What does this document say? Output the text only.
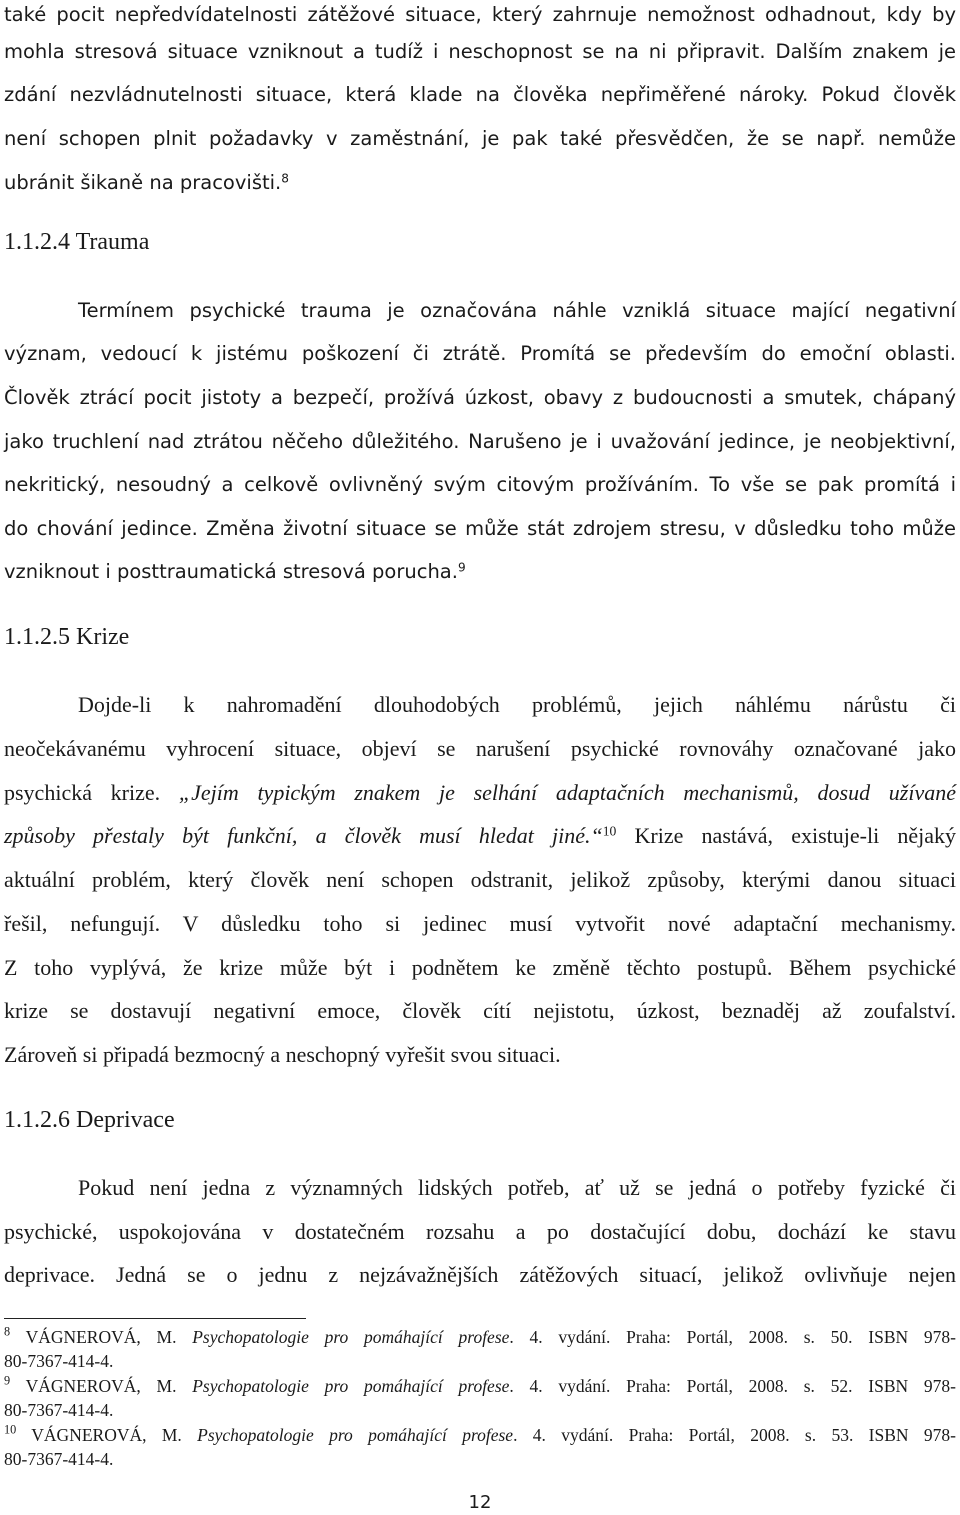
také pocit nepředvídatelnosti zátěžové situace, který zahrnuje nemožnost odhadnout, kdy by
mohla stresová situace vzniknout a tudíž i neschopnost se na ni připravit. Dalším znakem je
zdání nezvládnutelnosti situace, která klade na člověka nepřiměřené nároky. Pokud člověk
není schopen plnit požadavky v zaměstnání, je pak také přesvědčen, že se např. nemůže
ubránit šikaně na pracovišti.$^8$
1.1.2.4 Trauma
Termínem psychické trauma je označována náhle vzniklá situace mající negativní
význam, vedoucí k jistému poškození či ztrátě. Promítá se především do emoční oblasti.
Člověk ztrácí pocit jistoty a bezpečí, prožívá úzkost, obavy z budoucnosti a smutek, chápaný
jako truchlení nad ztrátou něčeho důležitého. Narušeno je i uvažování jedince, je neobjektivní,
nekritický, nesoudný a celkově ovlivněný svým citovým prožíváním. To vše se pak promítá i
do chování jedince. Změna životní situace se může stát zdrojem stresu, v důsledku toho může
vzniknout i posttraumatická stresová porucha.$^9$
1.1.2.5 Krize
Dojde-li k nahromadění dlouhodobých problémů, jejich náhlému nárůstu či
neočekávanému vyhrocení situace, objeví se narušení psychické rovnováhy označované jako
psychická krize. „Jejím typickým znakem je selhání adaptačních mechanismů, dosud užívané
způsoby přestaly být funkční, a člověk musí hledat jiné.“$^{10}$ Krize nastává, existuje-li nějaký
aktuální problém, který člověk není schopen odstranit, jelikož způsoby, kterými danou situaci
řešil, nefungují. V důsledku toho si jedinec musí vytvořit nové adaptační mechanismy.
Z toho vyplývá, že krize může být i podnětem ke změně těchto postupů. Během psychické
krize se dostavují negativní emoce, člověk cítí nejistotu, úzkost, beznaděj až zoufalství.
Zároveň si připadá bezmocný a neschopný vyřešit svou situaci.
1.1.2.6 Deprivace
Pokud není jedna z významných lidských potřeb, ať už se jedná o potřeby fyzické či
psychické, uspokojována v dostatečném rozsahu a po dostačující dobu, dochází ke stavu
deprivace. Jedná se o jednu z nejzávažnějších zátěžových situací, jelikož ovlivňuje nejen
$^8$ VÁGNEROVÁ, M. Psychopatologie pro pomáhající profese. 4. vydání. Praha: Portál, 2008. s. 50. ISBN 978-
80-7367-414-4.
$^9$ VÁGNEROVÁ, M. Psychopatologie pro pomáhající profese. 4. vydání. Praha: Portál, 2008. s. 52. ISBN 978-
80-7367-414-4.
$^{10}$ VÁGNEROVÁ, M. Psychopatologie pro pomáhající profese. 4. vydání. Praha: Portál, 2008. s. 53. ISBN 978-
80-7367-414-4.
12
